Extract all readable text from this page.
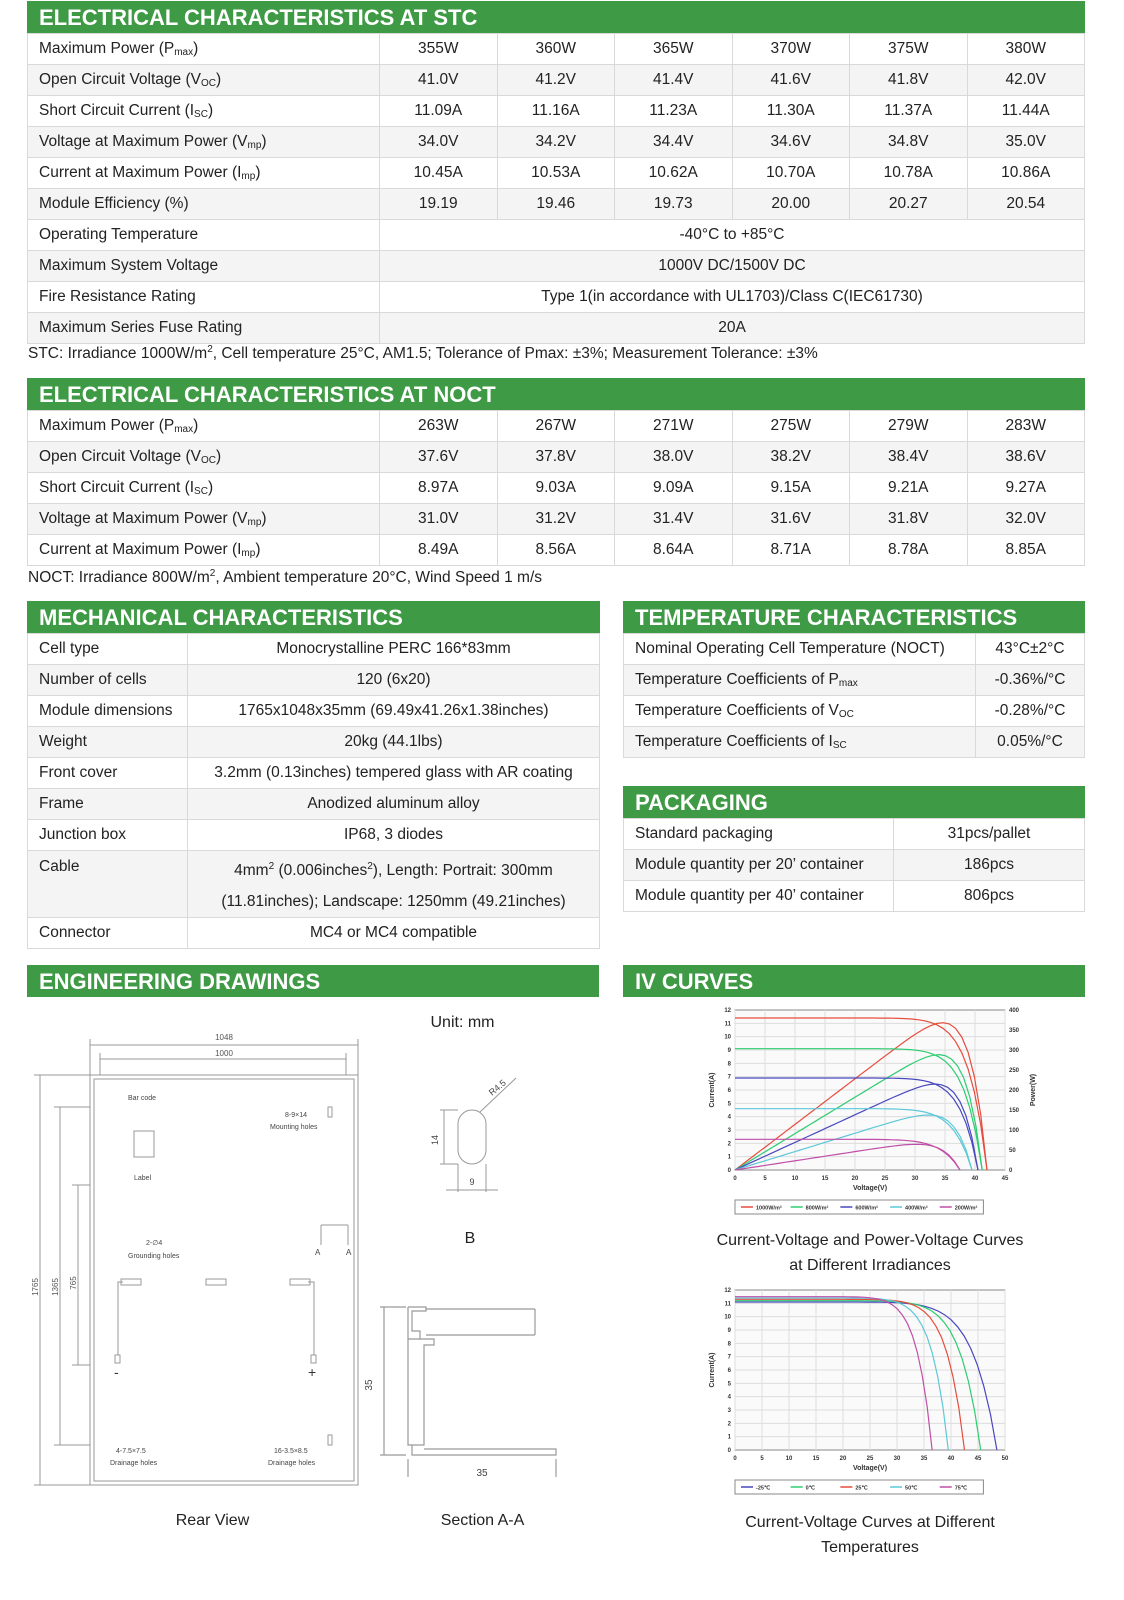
ELECTRICAL CHARACTERISTICS AT STC
Maximum Power $(P_{max})$	355W	360W	365W	370W	375W	380W
Open Circuit Voltage $(V_{OC})$	41.0V	41.2V	41.4V	41.6V	41.8V	42.0V
Short Circuit Current $(I_{SC})$	11.09A	11.16A	11.23A	11.30A	11.37A	11.44A
Voltage at Maximum Power $(V_{mp})$	34.0V	34.2V	34.4V	34.6V	34.8V	35.0V
Current at Maximum Power $(I_{mp})$	10.45A	10.53A	10.62A	10.70A	10.78A	10.86A
Module Efficiency (%)	19.19	19.46	19.73	20.00	20.27	20.54
Operating Temperature	-40°C to +85°C					
Maximum System Voltage	1000V DC/1500V DC					
Fire Resistance Rating	Type 1(in accordance with UL1703)/Class C(IEC61730)					
Maximum Series Fuse Rating	20A					
STC: Irradiance $1000W/m^2$, Cell temperature 25°C, AM1.5; Tolerance of Pmax: ±3%; Measurement Tolerance: ±3%
ELECTRICAL CHARACTERISTICS AT NOCT
Maximum Power $(P_{max})$	263W	267W	271W	275W	279W	283W
Open Circuit Voltage $(V_{OC})$	37.6V	37.8V	38.0V	38.2V	38.4V	38.6V
Short Circuit Current $(I_{SC})$	8.97A	9.03A	9.09A	9.15A	9.21A	9.27A
Voltage at Maximum Power $(V_{mp})$	31.0V	31.2V	31.4V	31.6V	31.8V	32.0V
Current at Maximum Power $(I_{mp})$	8.49A	8.56A	8.64A	8.71A	8.78A	8.85A
NOCT: Irradiance $800W/m^2$, Ambient temperature 20°C, Wind Speed 1 m/s
MECHANICAL CHARACTERISTICS
Cell type	Monocrystalline PERC 166*83mm
Number of cells	120 (6x20)
Module dimensions	1765x1048x35mm (69.49x41.26x1.38inches)
Weight	20kg (44.1lbs)
Front cover	3.2mm (0.13inches) tempered glass with AR coating
Frame	Anodized aluminum alloy
Junction box	IP68, 3 diodes
Cable	$4mm^2$ (0.006inches$^2$), Length: Portrait: 300mm
(11.81inches); Landscape: 1250mm (49.21inches)

Connector	MC4 or MC4 compatible
TEMPERATURE CHARACTERISTICS
Nominal Operating Cell Temperature (NOCT)	43°C±2°C
Temperature Coefficients of $P_{max}$	-0.36%/°C
Temperature Coefficients of $V_{OC}$	-0.28%/°C
Temperature Coefficients of $I_{SC}$	0.05%/°C
PACKAGING
Standard packaging	31pcs/pallet
Module quantity per 20’ container	186pcs
Module quantity per 40’ container	806pcs
ENGINEERING DRAWINGS
Unit: mm
1048
1000
1765 1365 765
Bar code
Label
8-9×14
Mounting holes
2-∅4
Grounding holes	A	A
-	+
4-7.5×7.5
Drainage holes
16-3.5×8.5
Drainage holes
14
9
R4.5
B
35
35
Rear View	Section A-A
IV CURVES
0	5	10	15	20	25	30	35	40	45
0
1
2
3
4
5
6
7
8
9
10
11
12
Current(A)
Voltage(V)
0
50
100
150
200
250
300
350
400
Power(W)
1000W/m²	800W/m²	600W/m²	400W/m²	200W/m²
Current-Voltage and Power-Voltage Curves
at Different Irradiances
0	5	10	15	20	25	30	35	40	45	50
0
1
2
3
4
5
6
7
8
9
10
11
12
Current(A)
Voltage(V)
-25℃	0℃	25℃	50℃	75℃
Current-Voltage Curves at Different
Temperatures
